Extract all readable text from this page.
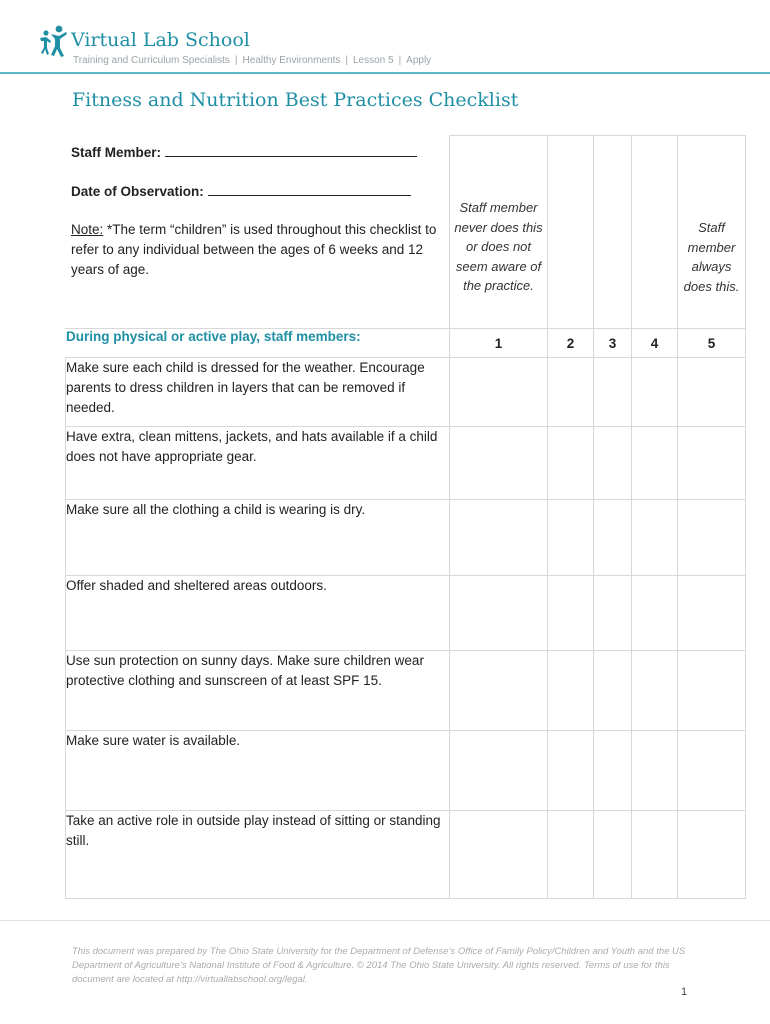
Virtual Lab School
Training and Curriculum Specialists | Healthy Environments | Lesson 5 | Apply
Fitness and Nutrition Best Practices Checklist
Staff Member:
Date of Observation:
Note: *The term “children” is used throughout this checklist to refer to any individual between the ages of 6 weeks and 12 years of age.	Staff member never does this or does not seem aware of the practice.				Staff member always does this.

During physical or active play, staff members:	1	2	3	4	5
Make sure each child is dressed for the weather. Encourage parents to dress children in layers that can be removed if needed.					
Have extra, clean mittens, jackets, and hats available if a child does not have appropriate gear.					
Make sure all the clothing a child is wearing is dry.					
Offer shaded and sheltered areas outdoors.					
Use sun protection on sunny days. Make sure children wear protective clothing and sunscreen of at least SPF 15.					
Make sure water is available.					
Take an active role in outside play instead of sitting or standing still.					
This document was prepared by The Ohio State University for the Department of Defense’s Office of Family Policy/Children and Youth and the US Department of Agriculture’s National Institute of Food & Agriculture. © 2014 The Ohio State University. All rights reserved. Terms of use for this document are located at http://virtuallabschool.org/legal.
1
